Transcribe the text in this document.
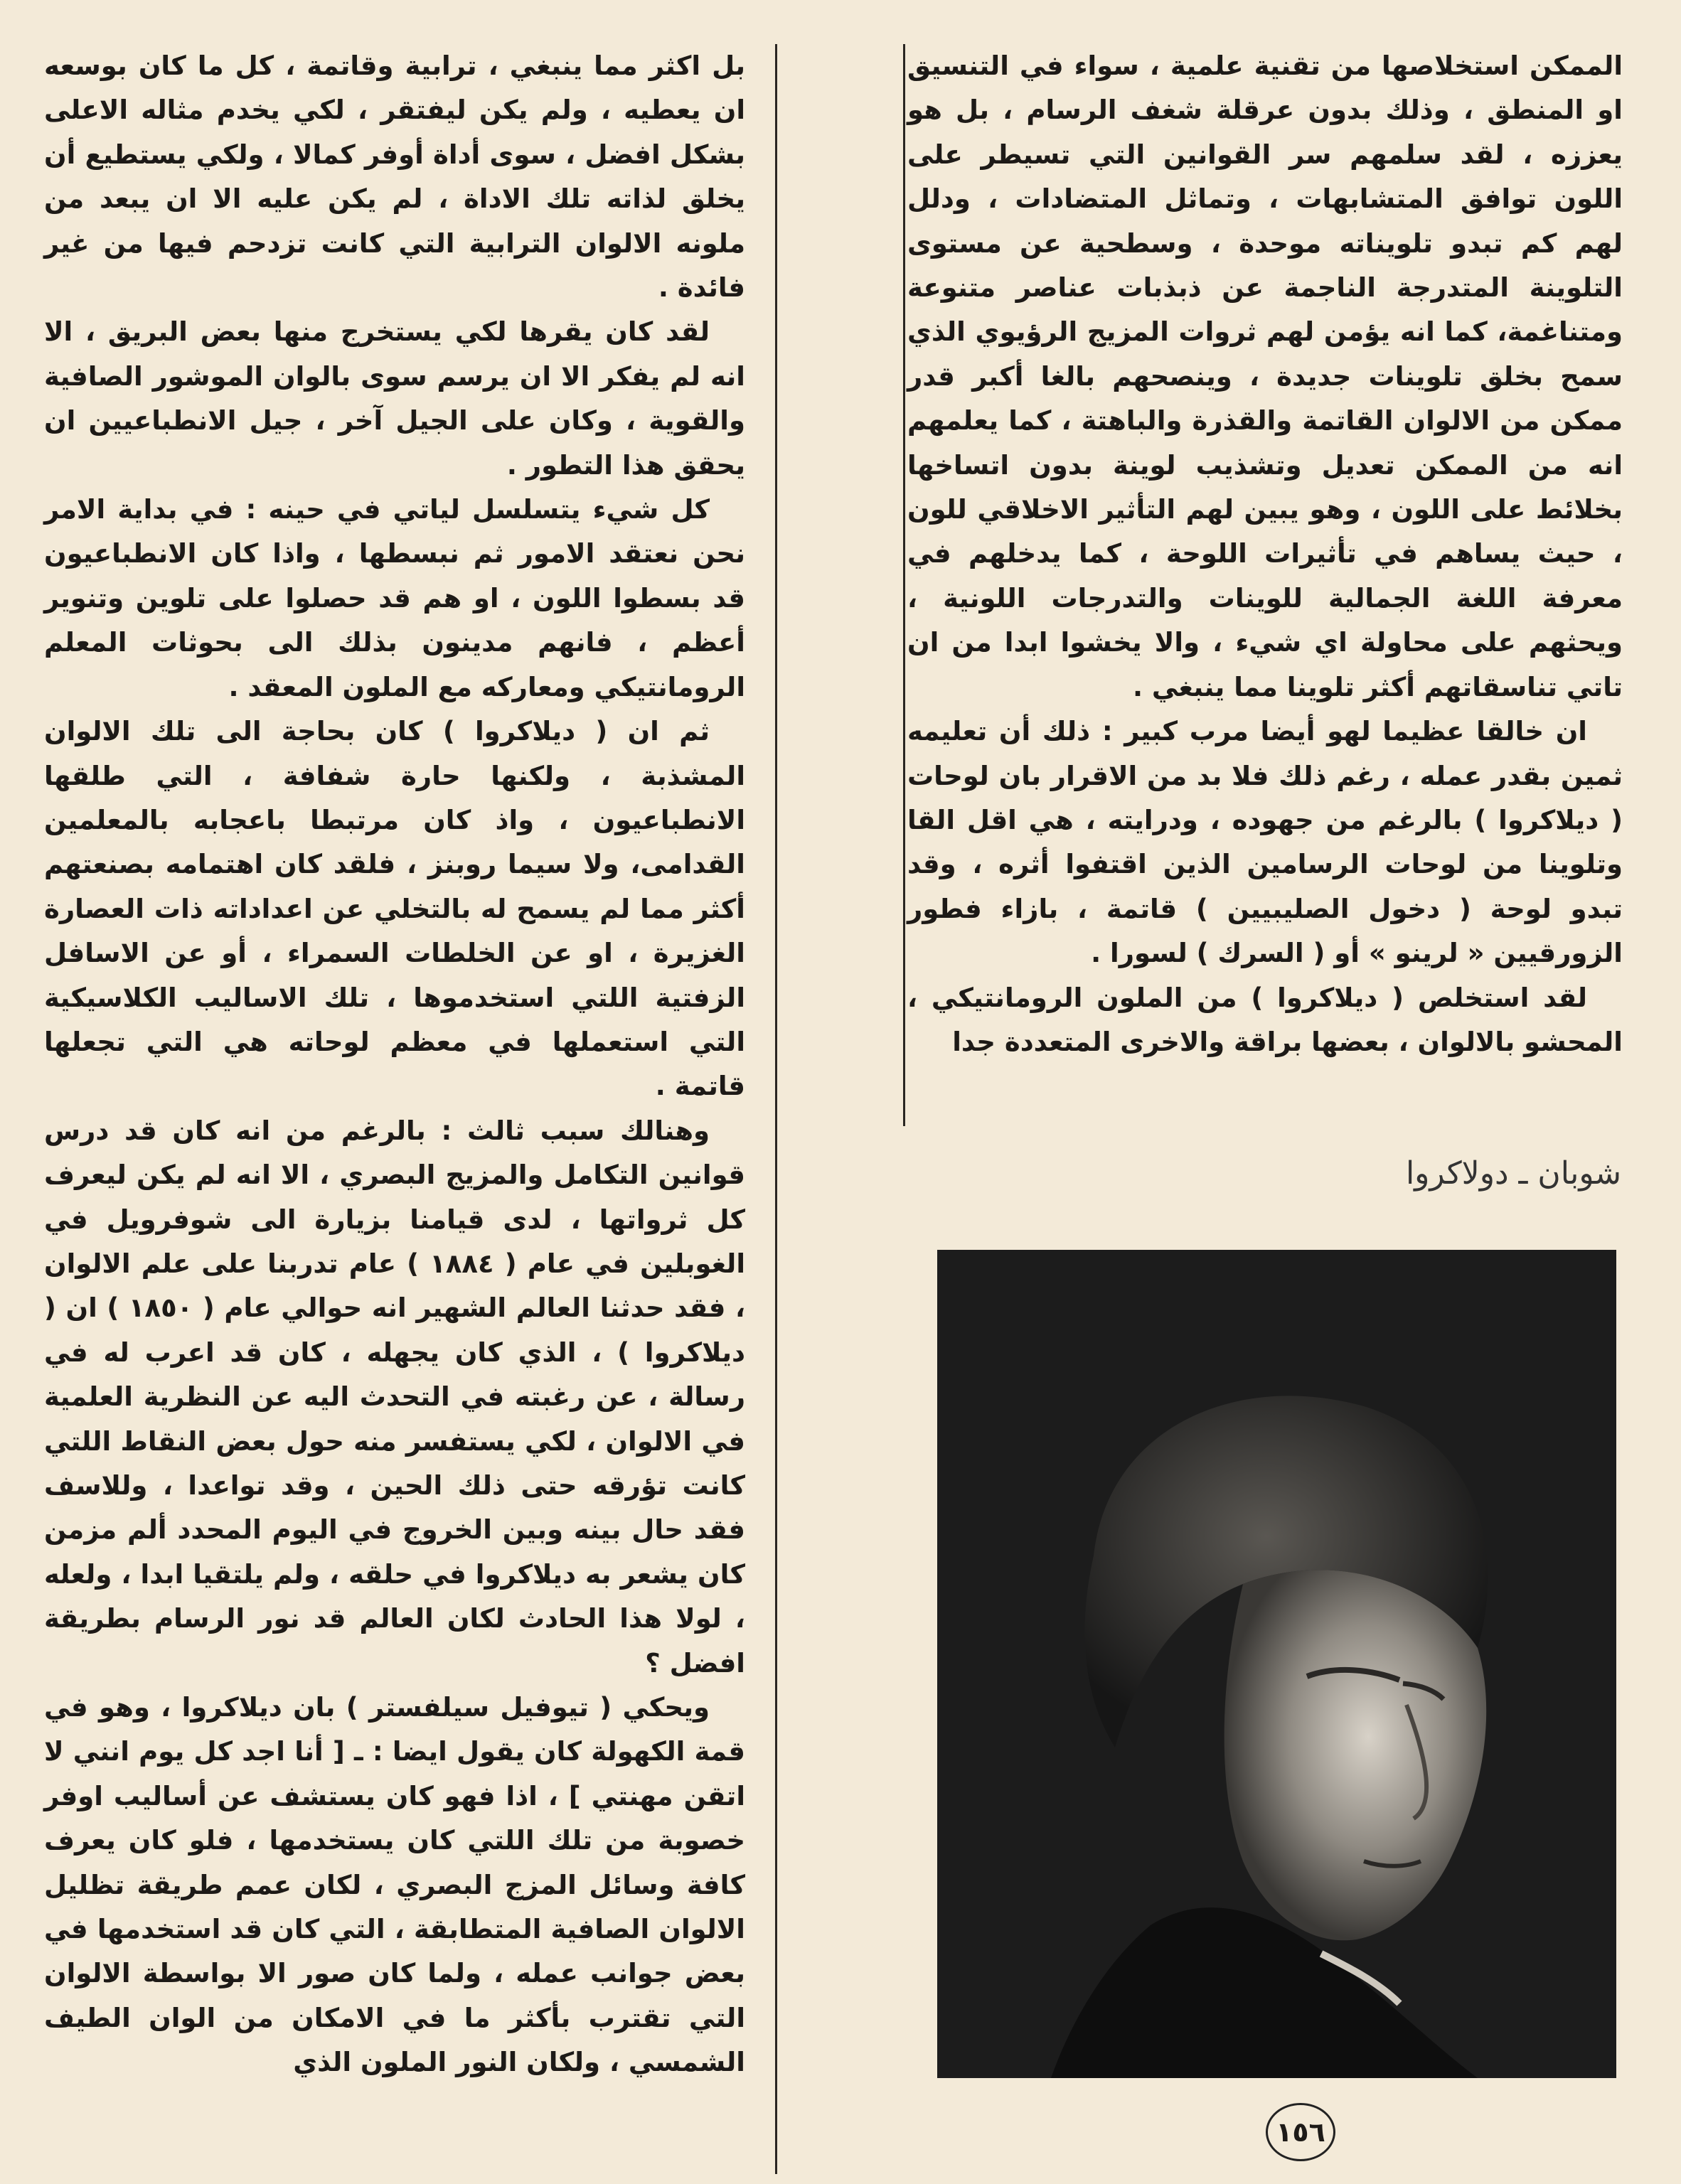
الممكن استخلاصها من تقنية علمية ، سواء في التنسيق او المنطق ، وذلك بدون عرقلة شغف الرسام ، بل هو يعززه ، لقد سلمهم سر القوانين التي تسيطر على اللون توافق المتشابهات ، وتماثل المتضادات ، ودلل لهم كم تبدو تلويناته موحدة ، وسطحية عن مستوى التلوينة المتدرجة الناجمة عن ذبذبات عناصر متنوعة ومتناغمة، كما انه يؤمن لهم ثروات المزيج الرؤيوي الذي سمح بخلق تلوينات جديدة ، وينصحهم بالغا أكبر قدر ممكن من الالوان القاتمة والقذرة والباهتة ، كما يعلمهم انه من الممكن تعديل وتشذيب لوينة بدون اتساخها بخلائط على اللون ، وهو يبين لهم التأثير الاخلاقي للون ، حيث يساهم في تأثيرات اللوحة ، كما يدخلهم في معرفة اللغة الجمالية للوينات والتدرجات اللونية ، ويحثهم على محاولة اي شيء ، والا يخشوا ابدا من ان تاتي تناسقاتهم أكثر تلوينا مما ينبغي .

ان خالقا عظيما لهو أيضا مرب كبير : ذلك أن تعليمه ثمين بقدر عمله ، رغم ذلك فلا بد من الاقرار بان لوحات ( ديلاكروا ) بالرغم من جهوده ، ودرايته ، هي اقل القا وتلوينا من لوحات الرسامين الذين اقتفوا أثره ، وقد تبدو لوحة ( دخول الصليبيين ) قاتمة ، بازاء فطور الزورقيين « لرينو » أو ( السرك ) لسورا .

لقد استخلص ( ديلاكروا ) من الملون الرومانتيكي ، المحشو بالالوان ، بعضها براقة والاخرى المتعددة جدا

بل اكثر مما ينبغي ، ترابية وقاتمة ، كل ما كان بوسعه ان يعطيه ، ولم يكن ليفتقر ، لكي يخدم مثاله الاعلى بشكل افضل ، سوى أداة أوفر كمالا ، ولكي يستطيع أن يخلق لذاته تلك الاداة ، لم يكن عليه الا ان يبعد من ملونه الالوان الترابية التي كانت تزدحم فيها من غير فائدة .

لقد كان يقرها لكي يستخرج منها بعض البريق ، الا انه لم يفكر الا ان يرسم سوى بالوان الموشور الصافية والقوية ، وكان على الجيل آخر ، جيل الانطباعيين ان يحقق هذا التطور .

كل شيء يتسلسل لياتي في حينه : في بداية الامر نحن نعتقد الامور ثم نبسطها ، واذا كان الانطباعيون قد بسطوا اللون ، او هم قد حصلوا على تلوين وتنوير أعظم ، فانهم مدينون بذلك الى بحوثات المعلم الرومانتيكي ومعاركه مع الملون المعقد .

ثم ان ( ديلاكروا ) كان بحاجة الى تلك الالوان المشذبة ، ولكنها حارة شفافة ، التي طلقها الانطباعيون ، واذ كان مرتبطا باعجابه بالمعلمين القدامى، ولا سيما روبنز ، فلقد كان اهتمامه بصنعتهم أكثر مما لم يسمح له بالتخلي عن اعداداته ذات العصارة الغزيرة ، او عن الخلطات السمراء ، أو عن الاسافل الزفتية اللتي استخدموها ، تلك الاساليب الكلاسيكية التي استعملها في معظم لوحاته هي التي تجعلها قاتمة .

وهنالك سبب ثالث : بالرغم من انه كان قد درس قوانين التكامل والمزيج البصري ، الا انه لم يكن ليعرف كل ثرواتها ، لدى قيامنا بزيارة الى شوفرويل في الغوبلين في عام ( ١٨٨٤ ) عام تدربنا على علم الالوان ، فقد حدثنا العالم الشهير انه حوالي عام ( ١٨٥٠ ) ان ( ديلاكروا ) ، الذي كان يجهله ، كان قد اعرب له في رسالة ، عن رغبته في التحدث اليه عن النظرية العلمية في الالوان ، لكي يستفسر منه حول بعض النقاط اللتي كانت تؤرقه حتى ذلك الحين ، وقد تواعدا ، وللاسف فقد حال بينه وبين الخروج في اليوم المحدد ألم مزمن كان يشعر به ديلاكروا في حلقه ، ولم يلتقيا ابدا ، ولعله ، لولا هذا الحادث لكان العالم قد نور الرسام بطريقة افضل ؟

ويحكي ( تيوفيل سيلفستر ) بان ديلاكروا ، وهو في قمة الكهولة كان يقول ايضا : ـ [ أنا اجد كل يوم انني لا اتقن مهنتي ] ، اذا فهو كان يستشف عن أساليب اوفر خصوبة من تلك اللتي كان يستخدمها ، فلو كان يعرف كافة وسائل المزج البصري ، لكان عمم طريقة تظليل الالوان الصافية المتطابقة ، التي كان قد استخدمها في بعض جوانب عمله ، ولما كان صور الا بواسطة الالوان التي تقترب بأكثر ما في الامكان من الوان الطيف الشمسي ، ولكان النور الملون الذي

شوبان ـ دولاكروا
١٥٦
